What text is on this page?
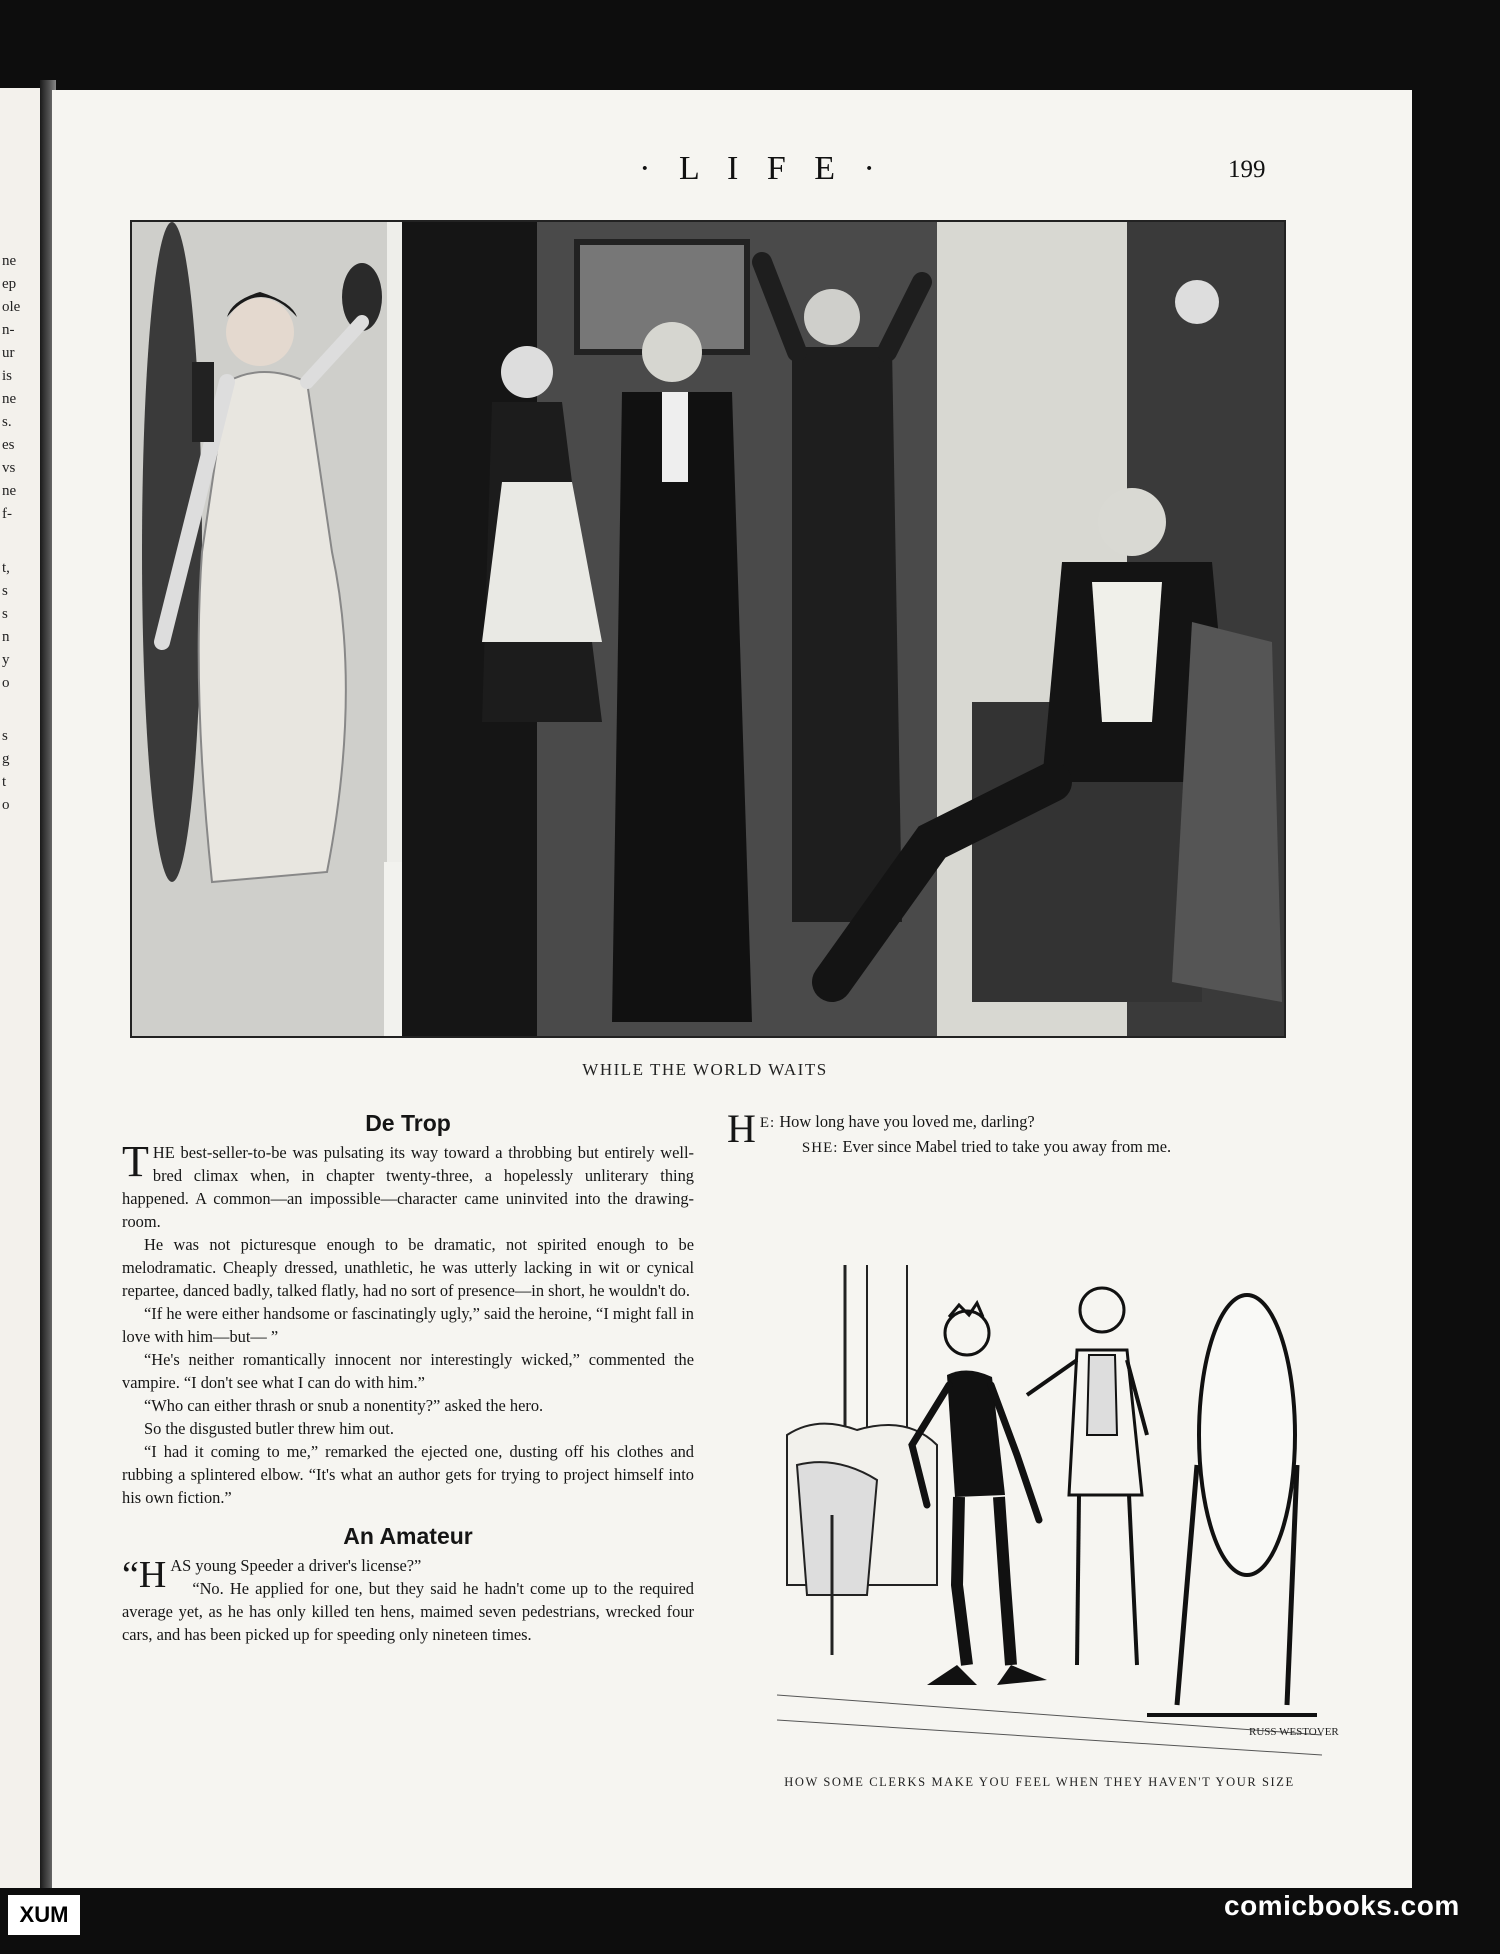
ne
ep
ole
n-
ur
is
ne
s.
es
vs
ne
f-
t,
s
s
n
y
o
s
g
t
o
· L I F E ·	199
WHILE THE WORLD WAITS
De Trop

THE best-seller-to-be was pulsating its way toward a throbbing but entirely well-bred climax when, in chapter twenty-three, a hopelessly unliterary thing happened. A common—an impossible—character came uninvited into the drawing-room.

He was not picturesque enough to be dramatic, not spirited enough to be melodramatic. Cheaply dressed, unathletic, he was utterly lacking in wit or cynical repartee, danced badly, talked flatly, had no sort of presence—in short, he wouldn't do.

“If he were either handsome or fascinatingly ugly,” said the heroine, “I might fall in love with him—but— ”

“He's neither romantically innocent nor interestingly wicked,” commented the vampire. “I don't see what I can do with him.”

“Who can either thrash or snub a nonentity?” asked the hero.

So the disgusted butler threw him out.

“I had it coming to me,” remarked the ejected one, dusting off his clothes and rubbing a splintered elbow. “It's what an author gets for trying to project himself into his own fiction.”

An Amateur

“HAS young Speeder a driver's license?”

“No. He applied for one, but they said he hadn't come up to the required average yet, as he has only killed ten hens, maimed seven pedestrians, wrecked four cars, and has been picked up for speeding only nineteen times.

H E: How long have you loved me, darling?

SHE: Ever since Mabel tried to take you away from me.

RUSS WESTOVER
HOW SOME CLERKS MAKE YOU FEEL WHEN THEY HAVEN'T YOUR SIZE
XUM	comicbooks.com
